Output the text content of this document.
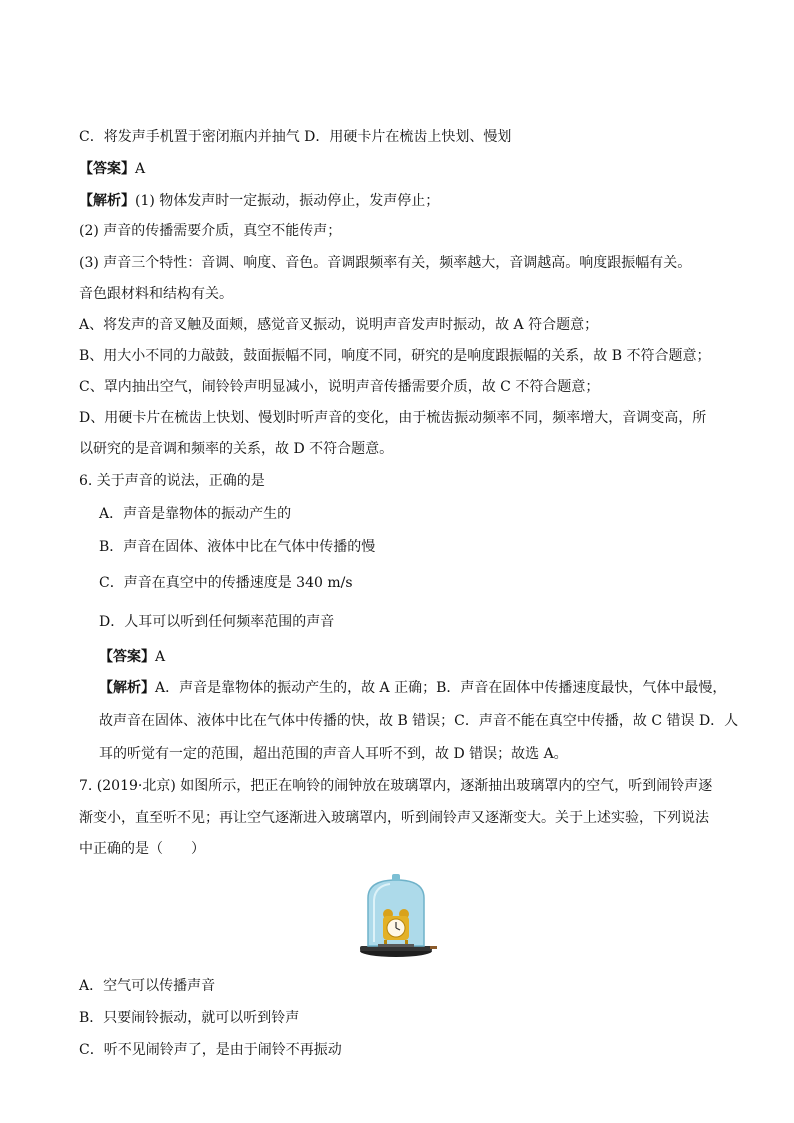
C．将发声手机置于密闭瓶内并抽气 D．用硬卡片在梳齿上快划、慢划
【答案】A
【解析】(1) 物体发声时一定振动，振动停止，发声停止；
(2) 声音的传播需要介质，真空不能传声；
(3) 声音三个特性：音调、响度、音色。音调跟频率有关，频率越大，音调越高。响度跟振幅有关。
音色跟材料和结构有关。
A、将发声的音叉触及面颊，感觉音叉振动，说明声音发声时振动，故 A 符合题意；
B、用大小不同的力敲鼓，鼓面振幅不同，响度不同，研究的是响度跟振幅的关系，故 B 不符合题意；
C、罩内抽出空气，闹铃铃声明显减小，说明声音传播需要介质，故 C 不符合题意；
D、用硬卡片在梳齿上快划、慢划时听声音的变化，由于梳齿振动频率不同，频率增大，音调变高，所
以研究的是音调和频率的关系，故 D 不符合题意。
6. 关于声音的说法，正确的是
A．声音是靠物体的振动产生的
B．声音在固体、液体中比在气体中传播的慢
C．声音在真空中的传播速度是 340 m/s
D．人耳可以听到任何频率范围的声音
【答案】A
【解析】A．声音是靠物体的振动产生的，故 A 正确；B．声音在固体中传播速度最快，气体中最慢，
故声音在固体、液体中比在气体中传播的快，故 B 错误；C．声音不能在真空中传播，故 C 错误 D．人
耳的听觉有一定的范围，超出范围的声音人耳听不到，故 D 错误；故选 A。
7. (2019·北京) 如图所示，把正在响铃的闹钟放在玻璃罩内，逐渐抽出玻璃罩内的空气，听到闹铃声逐
渐变小，直至听不见；再让空气逐渐进入玻璃罩内，听到闹铃声又逐渐变大。关于上述实验，下列说法
中正确的是（　　）
A．空气可以传播声音
B．只要闹铃振动，就可以听到铃声
C．听不见闹铃声了，是由于闹铃不再振动
